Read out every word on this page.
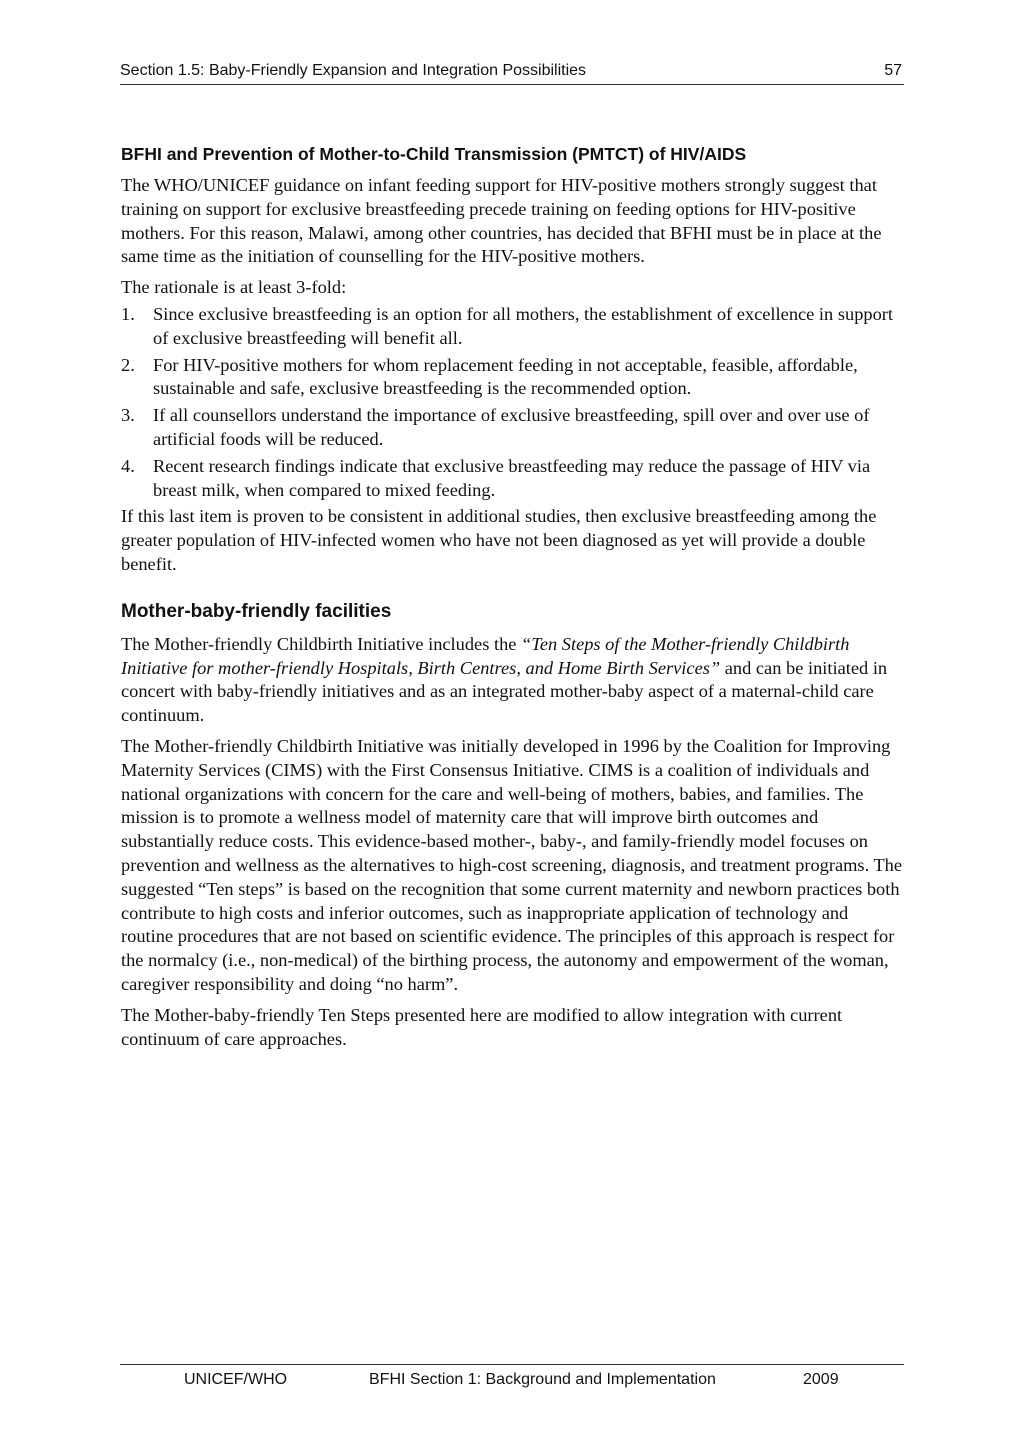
Section 1.5: Baby-Friendly Expansion and Integration Possibilities	57
BFHI and Prevention of Mother-to-Child Transmission (PMTCT) of HIV/AIDS

The WHO/UNICEF guidance on infant feeding support for HIV-positive mothers strongly suggest that training on support for exclusive breastfeeding precede training on feeding options for HIV-positive mothers. For this reason, Malawi, among other countries, has decided that BFHI must be in place at the same time as the initiation of counselling for the HIV-positive mothers.

The rationale is at least 3-fold:

1. Since exclusive breastfeeding is an option for all mothers, the establishment of excellence in support of exclusive breastfeeding will benefit all.
2. For HIV-positive mothers for whom replacement feeding in not acceptable, feasible, affordable, sustainable and safe, exclusive breastfeeding is the recommended option.
3. If all counsellors understand the importance of exclusive breastfeeding, spill over and over use of artificial foods will be reduced.
4. Recent research findings indicate that exclusive breastfeeding may reduce the passage of HIV via breast milk, when compared to mixed feeding.

If this last item is proven to be consistent in additional studies, then exclusive breastfeeding among the greater population of HIV-infected women who have not been diagnosed as yet will provide a double benefit.

Mother-baby-friendly facilities

The Mother-friendly Childbirth Initiative includes the “Ten Steps of the Mother-friendly Childbirth Initiative for mother-friendly Hospitals, Birth Centres, and Home Birth Services” and can be initiated in concert with baby-friendly initiatives and as an integrated mother-baby aspect of a maternal-child care continuum.

The Mother-friendly Childbirth Initiative was initially developed in 1996 by the Coalition for Improving Maternity Services (CIMS) with the First Consensus Initiative. CIMS is a coalition of individuals and national organizations with concern for the care and well-being of mothers, babies, and families. The mission is to promote a wellness model of maternity care that will improve birth outcomes and substantially reduce costs. This evidence-based mother-, baby-, and family-friendly model focuses on prevention and wellness as the alternatives to high-cost screening, diagnosis, and treatment programs. The suggested “Ten steps” is based on the recognition that some current maternity and newborn practices both contribute to high costs and inferior outcomes, such as inappropriate application of technology and routine procedures that are not based on scientific evidence. The principles of this approach is respect for the normalcy (i.e., non-medical) of the birthing process, the autonomy and empowerment of the woman, caregiver responsibility and doing “no harm”.

The Mother-baby-friendly Ten Steps presented here are modified to allow integration with current continuum of care approaches.

UNICEF/WHO	BFHI Section 1: Background and Implementation	2009
